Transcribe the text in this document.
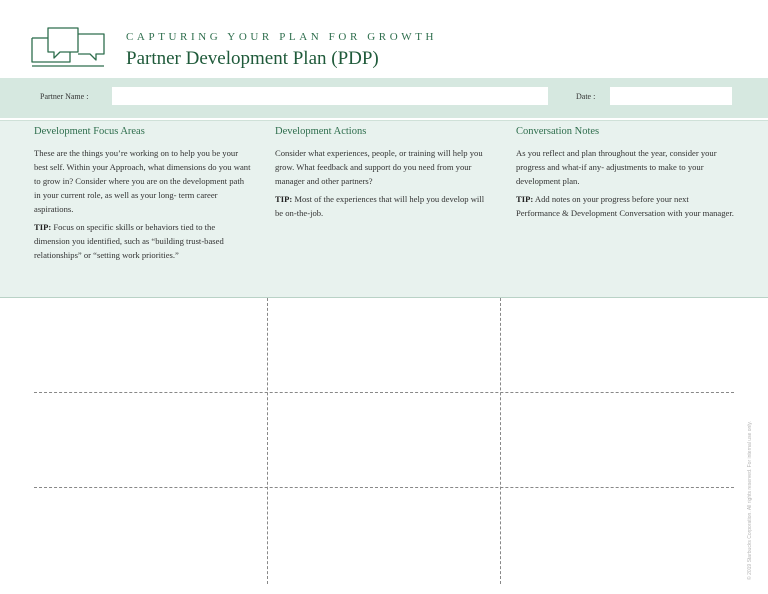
CAPTURING YOUR PLAN FOR GROWTH
Partner Development Plan (PDP)
Partner Name :	Date :
Development Focus Areas

These are the things you’re working on to help you be your best self. Within your Approach, what dimensions do you want to grow in? Consider where you are on the development path in your current role, as well as your long- term career aspirations.

TIP: Focus on specific skills or behaviors tied to the dimension you identified, such as “building trust-based relationships” or “setting work priorities.”

Development Actions

Consider what experiences, people, or training will help you grow. What feedback and support do you need from your manager and other partners?

TIP: Most of the experiences that will help you develop will be on-the-job.

Conversation Notes

As you reflect and plan throughout the year, consider your progress and what-if any- adjustments to make to your development plan.

TIP: Add notes on your progress before your next Performance & Development Conversation with your manager.

© 2019 Starbucks Corporation. All rights reserved. For internal use only.
